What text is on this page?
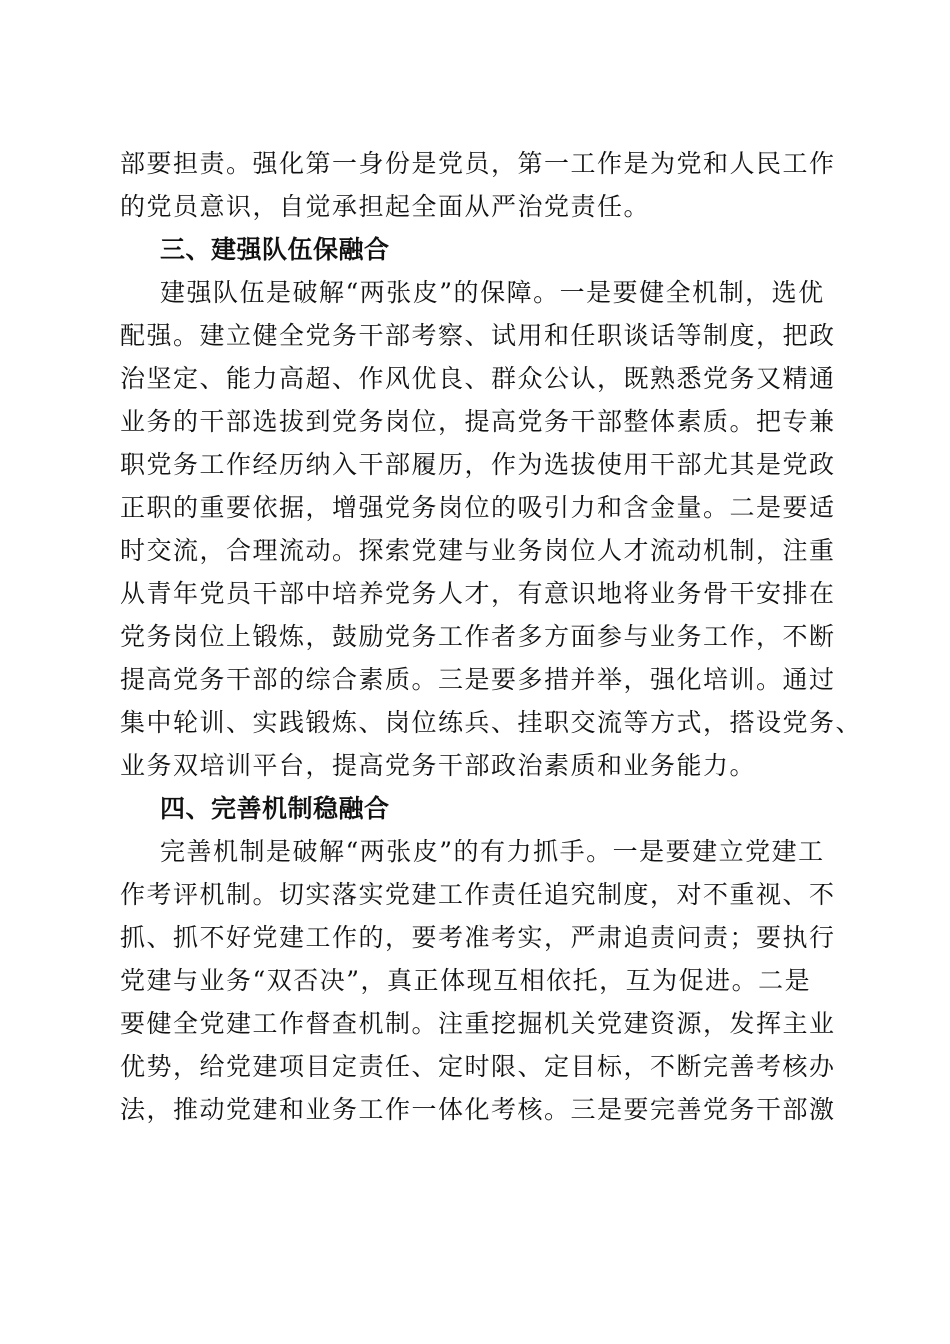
部要担责。强化第一身份是党员，第一工作是为党和人民工作
的党员意识，自觉承担起全面从严治党责任。
三、建强队伍保融合
建强队伍是破解“两张皮”的保障。一是要健全机制，选优
配强。建立健全党务干部考察、试用和任职谈话等制度，把政
治坚定、能力高超、作风优良、群众公认，既熟悉党务又精通
业务的干部选拔到党务岗位，提高党务干部整体素质。把专兼
职党务工作经历纳入干部履历，作为选拔使用干部尤其是党政
正职的重要依据，增强党务岗位的吸引力和含金量。二是要适
时交流，合理流动。探索党建与业务岗位人才流动机制，注重
从青年党员干部中培养党务人才，有意识地将业务骨干安排在
党务岗位上锻炼，鼓励党务工作者多方面参与业务工作，不断
提高党务干部的综合素质。三是要多措并举，强化培训。通过
集中轮训、实践锻炼、岗位练兵、挂职交流等方式，搭设党务、
业务双培训平台，提高党务干部政治素质和业务能力。
四、完善机制稳融合
完善机制是破解“两张皮”的有力抓手。一是要建立党建工
作考评机制。切实落实党建工作责任追究制度，对不重视、不
抓、抓不好党建工作的，要考准考实，严肃追责问责；要执行
党建与业务“双否决”，真正体现互相依托，互为促进。二是
要健全党建工作督查机制。注重挖掘机关党建资源，发挥主业
优势，给党建项目定责任、定时限、定目标，不断完善考核办
法，推动党建和业务工作一体化考核。三是要完善党务干部激
